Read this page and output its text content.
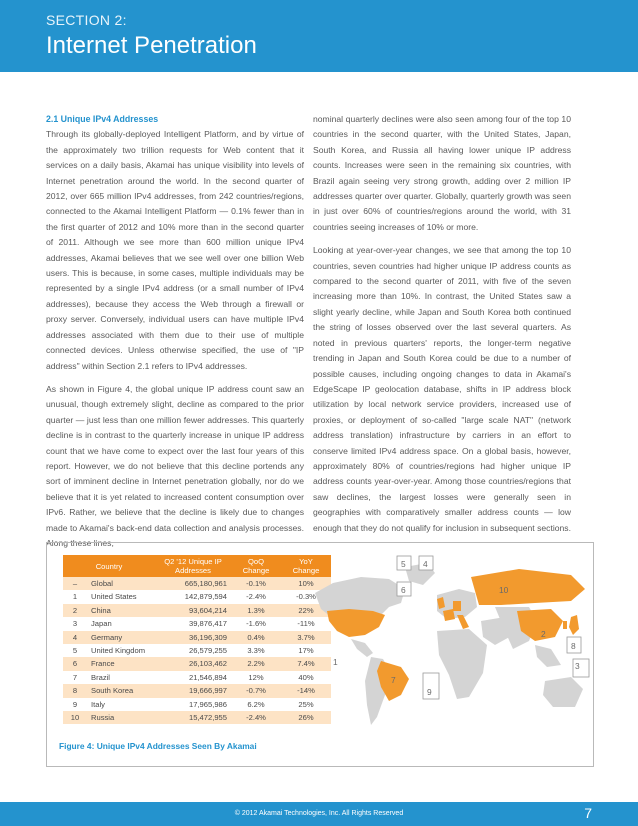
SECTION 2:
Internet Penetration
2.1 Unique IPv4 Addresses

Through its globally-deployed Intelligent Platform, and by virtue of the approximately two trillion requests for Web content that it services on a daily basis, Akamai has unique visibility into levels of Internet penetration around the world. In the second quarter of 2012, over 665 million IPv4 addresses, from 242 countries/regions, connected to the Akamai Intelligent Platform — 0.1% fewer than in the first quarter of 2012 and 10% more than in the second quarter of 2011. Although we see more than 600 million unique IPv4 addresses, Akamai believes that we see well over one billion Web users. This is because, in some cases, multiple individuals may be represented by a single IPv4 address (or a small number of IPv4 addresses), because they access the Web through a firewall or proxy server. Conversely, individual users can have multiple IPv4 addresses associated with them due to their use of multiple connected devices. Unless otherwise specified, the use of "IP address" within Section 2.1 refers to IPv4 addresses.

As shown in Figure 4, the global unique IP address count saw an unusual, though extremely slight, decline as compared to the prior quarter — just less than one million fewer addresses. This quarterly decline is in contrast to the quarterly increase in unique IP address count that we have come to expect over the last four years of this report. However, we do not believe that this decline portends any sort of imminent decline in Internet penetration globally, nor do we believe that it is yet related to increased content consumption over IPv6. Rather, we believe that the decline is likely due to changes made to Akamai's back-end data collection and analysis processes. Along these lines,

nominal quarterly declines were also seen among four of the top 10 countries in the second quarter, with the United States, Japan, South Korea, and Russia all having lower unique IP address counts. Increases were seen in the remaining six countries, with Brazil again seeing very strong growth, adding over 2 million IP addresses quarter over quarter. Globally, quarterly growth was seen in just over 60% of countries/regions around the world, with 31 countries seeing increases of 10% or more.

Looking at year-over-year changes, we see that among the top 10 countries, seven countries had higher unique IP address counts as compared to the second quarter of 2011, with five of the seven increasing more than 10%. In contrast, the United States saw a slight yearly decline, while Japan and South Korea both continued the string of losses observed over the last several quarters. As noted in previous quarters' reports, the longer-term negative trending in Japan and South Korea could be due to a number of possible causes, including ongoing changes to data in Akamai's EdgeScape IP geolocation database, shifts in IP address block utilization by local network service providers, increased use of proxies, or deployment of so-called "large scale NAT" (network address translation) infrastructure by carriers in an effort to conserve limited IPv4 address space. On a global basis, however, approximately 80% of countries/regions had higher unique IP address counts year-over-year. Among those countries/regions that saw declines, the largest losses were generally seen in geographies with comparatively smaller address counts — low enough that they do not qualify for inclusion in subsequent sections.

Country		Q2 '12 Unique IP Addresses	QoQ Change	YoY Change
–	Global	665,180,961	-0.1%	10%
1	United States	142,879,594	-2.4%	-0.3%
2	China	93,604,214	1.3%	22%
3	Japan	39,876,417	-1.6%	-11%
4	Germany	36,196,309	0.4%	3.7%
5	United Kingdom	26,579,255	3.3%	17%
6	France	26,103,462	2.2%	7.4%
7	Brazil	21,546,894	12%	40%
8	South Korea	19,666,997	-0.7%	-14%
9	Italy	17,965,986	6.2%	25%
10	Russia	15,472,955	-2.4%	26%
1
2
3
4
5
6
7
8
9
10
Figure 4: Unique IPv4 Addresses Seen By Akamai
© 2012 Akamai Technologies, Inc. All Rights Reserved	7
